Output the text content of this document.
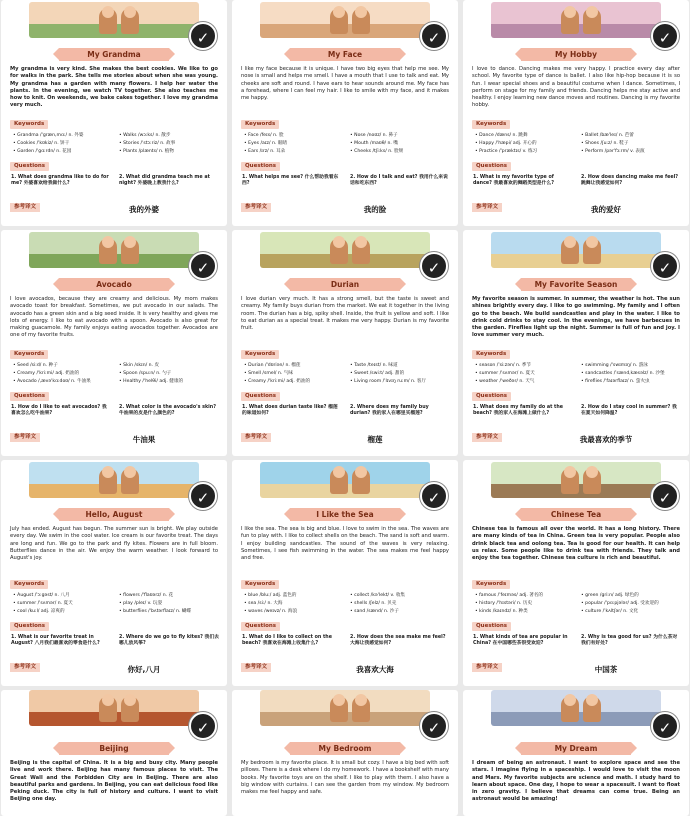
✓
My Grandma
My grandma is very kind. She makes the best cookies. We like to go for walks in the park. She tells me stories about when she was young. My grandma has a garden with many flowers. I help her water the plants. In the evening, we watch TV together. She also teaches me how to knit. On weekends, we bake cakes together. I love my grandma very much.
Keywords
• Grandma /'græn,mɑː/ n. 外婆	• Walks /wɔːks/ n. 散步
• Cookies /'kʊkiz/ n. 饼干	• Stories /'stɔːriz/ n. 故事
• Garden /'gɑːrdn/ n. 花园	• Plants /plænts/ n. 植物
Questions
1. What does grandma like to do for me? 外婆喜欢给我做什么?
2. What did grandma teach me at night? 外婆晚上教我什么?
参考译文	我的外婆
✓
My Face
I like my face because it is unique. I have two big eyes that help me see. My nose is small and helps me smell. I have a mouth that I use to talk and eat. My cheeks are soft and round. I have ears to hear sounds around me. My face has a forehead, where I can feel my hair. I like to smile with my face, and it makes me happy.
Keywords
• Face /feɪs/ n. 脸	• Nose /noʊz/ n. 鼻子
• Eyes /aɪz/ n. 眼睛	• Mouth /maʊθ/ n. 嘴
• Ears /ɪrz/ n. 耳朵	• Cheeks /tʃiːks/ n. 脸颊
Questions
1. What helps me see? 什么帮助我看东西?
2. How do I talk and eat? 我用什么来说话和吃东西?
参考译文	我的脸
✓
My Hobby
I love to dance. Dancing makes me very happy. I practice every day after school. My favorite type of dance is ballet. I also like hip-hop because it is so fun. I wear special shoes and a beautiful costume when I dance. Sometimes, I perform on stage for my family and friends. Dancing helps me stay active and healthy. I enjoy learning new dance moves and routines. Dancing is my favorite hobby.
Keywords
• Dance /dæns/ n. 跳舞	• Ballet /bæ'leɪ/ n. 芭蕾
• Happy /'hæpi/ adj. 开心的	• Shoes /ʃuːz/ n. 鞋子
• Practice /'præktɪs/ v. 练习	• Perform /pər'fɔːrm/ v. 表演
Questions
1. What is my favorite type of dance? 我最喜欢的舞蹈类型是什么?
2. How does dancing make me feel? 跳舞让我感觉如何?
参考译文	我的爱好
✓
Avocado
I love avocados, because they are creamy and delicious. My mom makes avocado toast for breakfast. Sometimes, we put avocado in our salads. The avocado has a green skin and a big seed inside. It is very healthy and gives me lots of energy. I like to eat avocado with a spoon. Avocado is also great for making guacamole. My family enjoys eating avocados together. Avocados are one of my favorite fruits.
Keywords
• Seed /siːd/ n. 种子	• Skin /skɪn/ n. 皮
• Creamy /'kriːmi/ adj. 奶油的	• Spoon /spuːn/ n. 勺子
• Avocado /,ævə'kɑːdoʊ/ n. 牛油果	• Healthy /'helθi/ adj. 健康的
Questions
1. How do I like to eat avocados? 我喜欢怎么吃牛油果?
2. What color is the avocado's skin? 牛油果的皮是什么颜色的?
参考译文	牛油果
✓
Durian
I love durian very much. It has a strong smell, but the taste is sweet and creamy. My family buys durian from the market. We eat it together in the living room. The durian has a big, spiky shell. Inside, the fruit is yellow and soft. I like to eat durian as a special treat. It makes me very happy. Durian is my favorite fruit.
Keywords
• Durian /'dʊriən/ n. 榴莲	• Taste /teɪst/ n. 味道
• Smell /smel/ n. 气味	• Sweet /swiːt/ adj. 甜的
• Creamy /'kriːmi/ adj. 奶油的	• Living room /'lɪvɪŋ ruːm/ n. 客厅
Questions
1. What does durian taste like? 榴莲的味道如何?
2. Where does my family buy durian? 我的家人在哪里买榴莲?
参考译文	榴莲
✓
My Favorite Season
My favorite season is summer. In summer, the weather is hot. The sun shines brightly every day. I like to go swimming. My family and I often go to the beach. We build sandcastles and play in the water. I like to drink cold drinks to stay cool. In the evenings, we have barbecues in the garden. Fireflies light up the night. Summer is full of fun and joy. I love summer very much.
Keywords
• season /'siːzən/ n. 季节	• swimming /'swɪmɪŋ/ n. 游泳
• summer /'sʌmər/ n. 夏天	• sandcastles /'sændˌkæsəlz/ n. 沙堡
• weather /'weðər/ n. 天气	• fireflies /'faɪərflaɪz/ n. 萤火虫
Questions
1. What does my family do at the beach? 我的家人在海滩上做什么?
2. How do I stay cool in summer? 我在夏天如何降温?
参考译文	我最喜欢的季节
✓
Hello, August
July has ended. August has begun. The summer sun is bright. We play outside every day. We swim in the cool water. Ice cream is our favorite treat. The days are long and fun. We go to the park and fly kites. Flowers are in full bloom. Butterflies dance in the air. We enjoy the warm weather. I look forward to August's joy.
Keywords
• August /'ɔːgəst/ n. 八月	• flowers /'flaʊərz/ n. 花
• summer /'sʌmər/ n. 夏天	• play /pleɪ/ v. 玩耍
• cool /kuːl/ adj. 凉爽的	• butterflies /'bʌtərflaɪz/ n. 蝴蝶
Questions
1. What is our favorite treat in August? 八月我们最喜欢的零食是什么?
2. Where do we go to fly kites? 我们去哪儿放风筝?
参考译文	你好,八月
✓
I Like the Sea
I like the sea. The sea is big and blue. I love to swim in the sea. The waves are fun to play with. I like to collect shells on the beach. The sand is soft and warm. I enjoy building sandcastles. The sound of the waves is very relaxing. Sometimes, I see fish swimming in the water. The sea makes me feel happy and free.
Keywords
• blue /bluː/ adj. 蓝色的	• collect /kə'lekt/ v. 收集
• sea /siː/ n. 大海	• shells /ʃelz/ n. 贝壳
• waves /weɪvz/ n. 海浪	• sand /sænd/ n. 沙子
Questions
1. What do I like to collect on the beach? 我喜欢在海滩上收集什么?
2. How does the sea make me feel? 大海让我感觉如何?
参考译文	我喜欢大海
✓
Chinese Tea
Chinese tea is famous all over the world. It has a long history. There are many kinds of tea in China. Green tea is very popular. People also drink black tea and oolong tea. Tea is good for our health. It can help us relax. Some people like to drink tea with friends. They talk and enjoy the tea together. Chinese tea culture is rich and beautiful.
Keywords
• famous /'feɪməs/ adj. 著名的	• green /griːn/ adj. 绿色的
• history /'hɪstəri/ n. 历史	• popular /'pɑːpjələr/ adj. 受欢迎的
• kinds /kaɪndz/ n. 种类	• culture /'kʌltʃər/ n. 文化
Questions
1. What kinds of tea are popular in China? 在中国哪些茶很受欢迎?
2. Why is tea good for us? 为什么茶对我们有好处?
参考译文	中国茶
✓
Beijing
Beijing is the capital of China. It is a big and busy city. Many people live and work there. Beijing has many famous places to visit. The Great Wall and the Forbidden City are in Beijing. There are also beautiful parks and gardens. In Beijing, you can eat delicious food like Peking duck. The city is full of history and culture. I want to visit Beijing one day.
✓
My Bedroom
My bedroom is my favorite place. It is small but cozy. I have a big bed with soft pillows. There is a desk where I do my homework. I have a bookshelf with many books. My favorite toys are on the shelf. I like to play with them. I also have a big window with curtains. I can see the garden from my window. My bedroom makes me feel happy and safe.
✓
My Dream
I dream of being an astronaut. I want to explore space and see the stars. I imagine flying in a spaceship. I would love to visit the moon and Mars. My favorite subjects are science and math. I study hard to learn about space. One day, I hope to wear a spacesuit. I want to float in zero gravity. I believe that dreams can come true. Being an astronaut would be amazing!
